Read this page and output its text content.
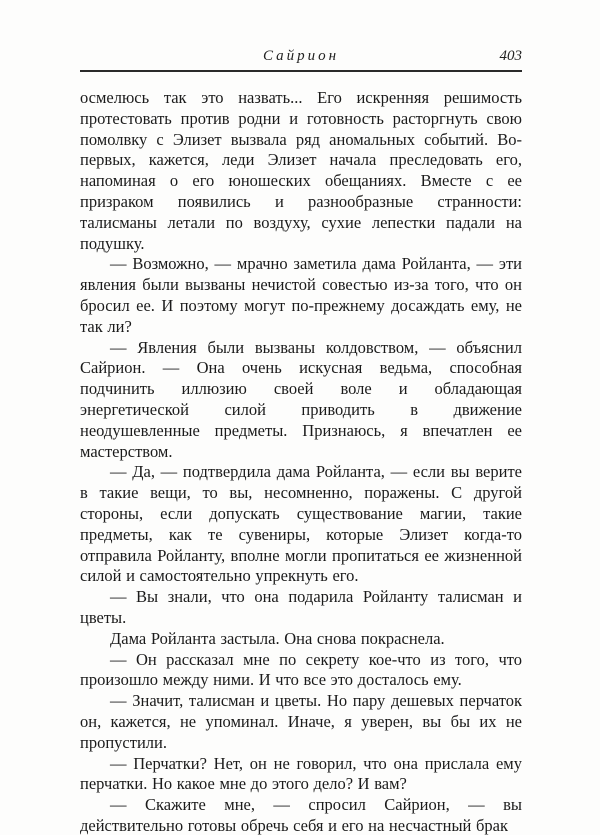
Сайрион	403

осмелюсь так это назвать... Его искренняя решимость протестовать против родни и готовность расторгнуть свою помолвку с Элизет вызвала ряд аномальных событий. Во-первых, кажется, леди Элизет начала преследовать его, напоминая о его юношеских обещаниях. Вместе с ее призраком появились и разнообразные странности: талисманы летали по воздуху, сухие лепестки падали на подушку.

— Возможно, — мрачно заметила дама Ройланта, — эти явления были вызваны нечистой совестью из-за того, что он бросил ее. И поэтому могут по-прежнему досаждать ему, не так ли?

— Явления были вызваны колдовством, — объяснил Сайрион. — Она очень искусная ведьма, способная подчинить иллюзию своей воле и обладающая энергетической силой приводить в движение неодушевленные предметы. Признаюсь, я впечатлен ее мастерством.

— Да, — подтвердила дама Ройланта, — если вы верите в такие вещи, то вы, несомненно, поражены. С другой стороны, если допускать существование магии, такие предметы, как те сувениры, которые Элизет когда-то отправила Ройланту, вполне могли пропитаться ее жизненной силой и самостоятельно упрекнуть его.

— Вы знали, что она подарила Ройланту талисман и цветы.

Дама Ройланта застыла. Она снова покраснела.

— Он рассказал мне по секрету кое-что из того, что произошло между ними. И что все это досталось ему.

— Значит, талисман и цветы. Но пару дешевых перчаток он, кажется, не упоминал. Иначе, я уверен, вы бы их не пропустили.

— Перчатки? Нет, он не говорил, что она прислала ему перчатки. Но какое мне до этого дело? И вам?

— Скажите мне, — спросил Сайрион, — вы действительно готовы обречь себя и его на несчастный брак
